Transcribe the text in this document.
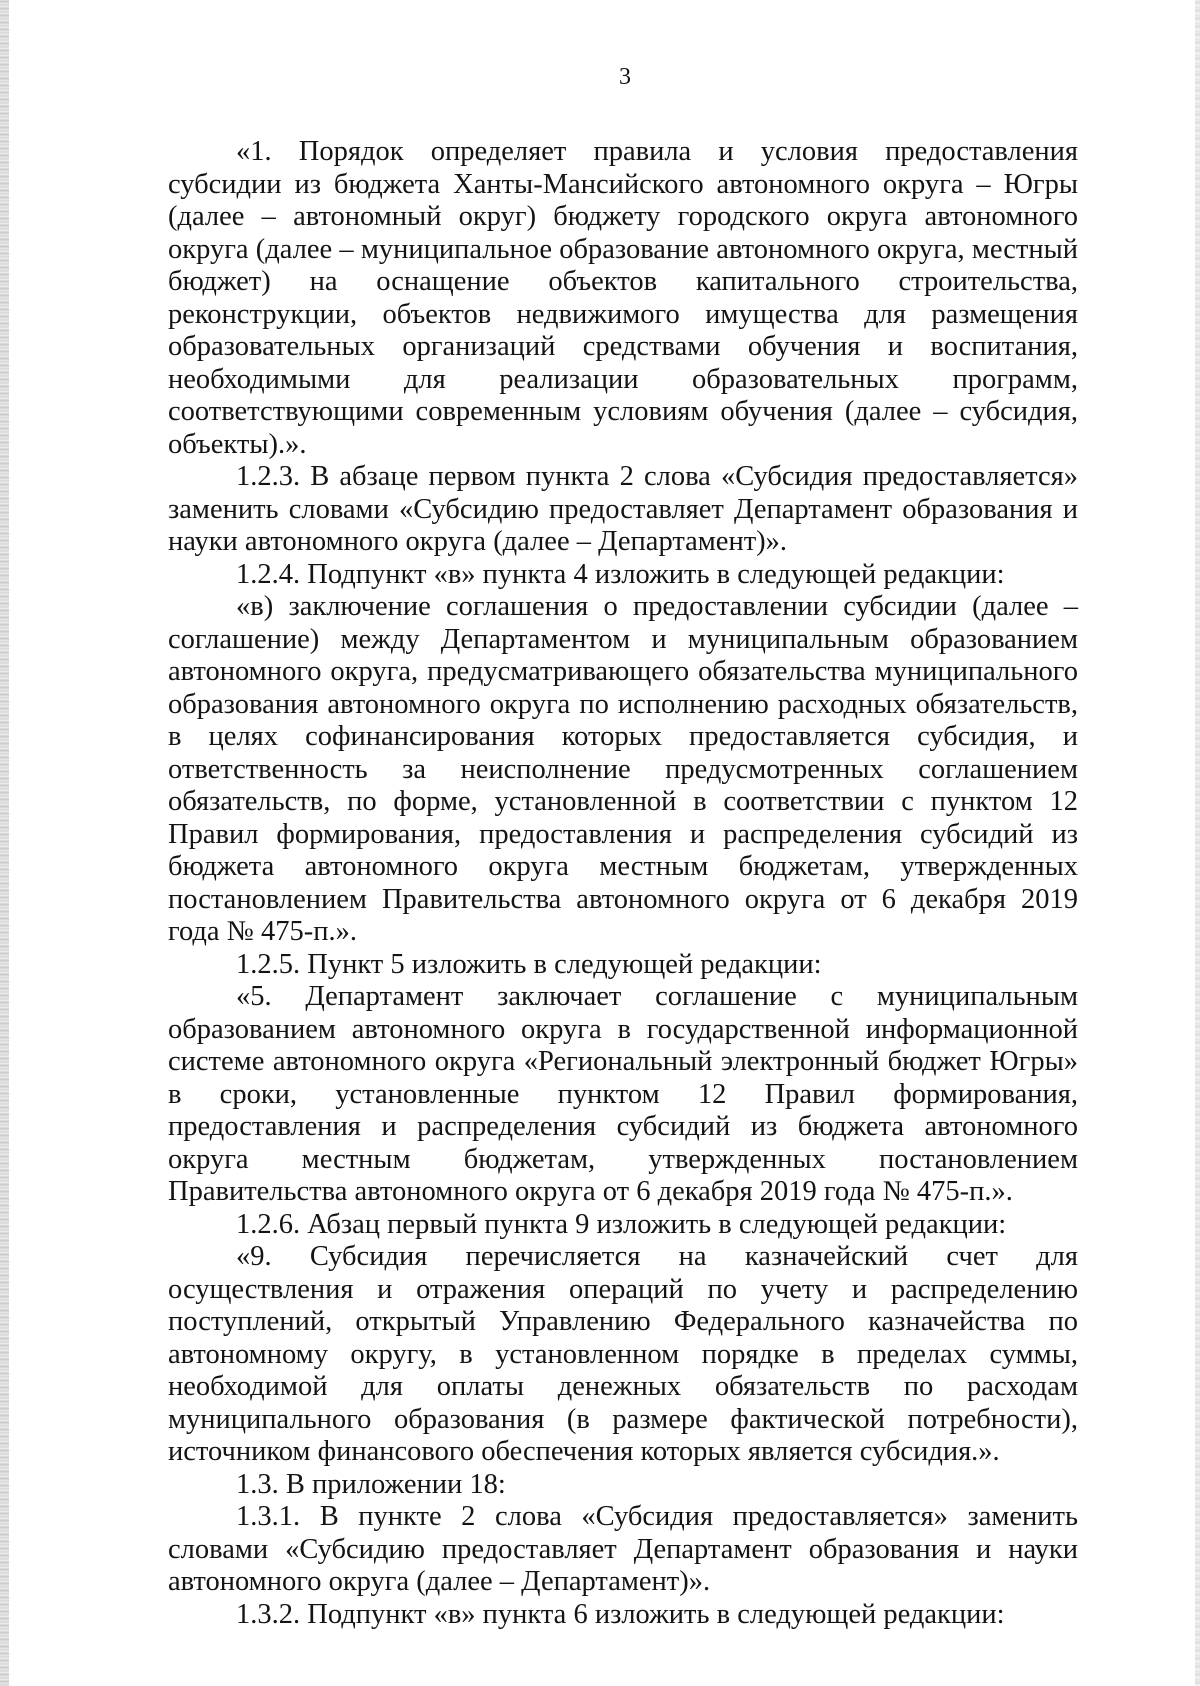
3

«1. Порядок определяет правила и условия предоставления субсидии из бюджета Ханты-Мансийского автономного округа – Югры (далее – автономный округ) бюджету городского округа автономного округа (далее – муниципальное образование автономного округа, местный бюджет) на оснащение объектов капитального строительства, реконструкции, объектов недвижимого имущества для размещения образовательных организаций средствами обучения и воспитания, необходимыми для реализации образовательных программ, соответствующими современным условиям обучения (далее – субсидия, объекты).».

1.2.3. В абзаце первом пункта 2 слова «Субсидия предоставляется» заменить словами «Субсидию предоставляет Департамент образования и науки автономного округа (далее – Департамент)».

1.2.4. Подпункт «в» пункта 4 изложить в следующей редакции:

«в) заключение соглашения о предоставлении субсидии (далее – соглашение) между Департаментом и муниципальным образованием автономного округа, предусматривающего обязательства муниципального образования автономного округа по исполнению расходных обязательств, в целях софинансирования которых предоставляется субсидия, и ответственность за неисполнение предусмотренных соглашением обязательств, по форме, установленной в соответствии с пунктом 12 Правил формирования, предоставления и распределения субсидий из бюджета автономного округа местным бюджетам, утвержденных постановлением Правительства автономного округа от 6 декабря 2019 года № 475-п.».

1.2.5. Пункт 5 изложить в следующей редакции:

«5. Департамент заключает соглашение с муниципальным образованием автономного округа в государственной информационной системе автономного округа «Региональный электронный бюджет Югры» в сроки, установленные пунктом 12 Правил формирования, предоставления и распределения субсидий из бюджета автономного округа местным бюджетам, утвержденных постановлением Правительства автономного округа от 6 декабря 2019 года № 475-п.».

1.2.6. Абзац первый пункта 9 изложить в следующей редакции:

«9. Субсидия перечисляется на казначейский счет для осуществления и отражения операций по учету и распределению поступлений, открытый Управлению Федерального казначейства по автономному округу, в установленном порядке в пределах суммы, необходимой для оплаты денежных обязательств по расходам муниципального образования (в размере фактической потребности), источником финансового обеспечения которых является субсидия.».

1.3. В приложении 18:

1.3.1. В пункте 2 слова «Субсидия предоставляется» заменить словами «Субсидию предоставляет Департамент образования и науки автономного округа (далее – Департамент)».

1.3.2. Подпункт «в» пункта 6 изложить в следующей редакции:
